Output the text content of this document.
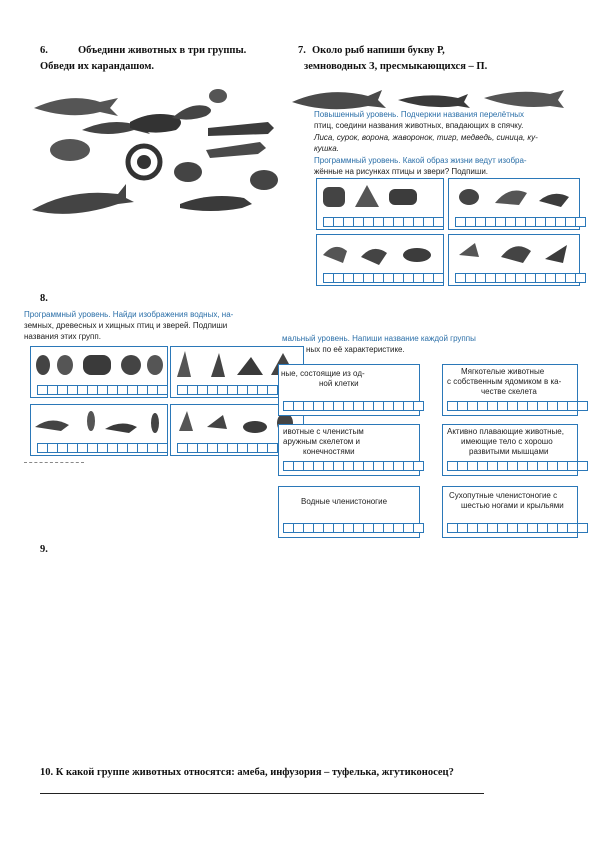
6.	Объедини животных в три группы.
Обведи их карандашом.
7. Около рыб напиши букву Р,
земноводных З, пресмыкающихся – П.
Повышенный уровень. Подчеркни названия перелётных
птиц, соедини названия животных, впадающих в спячку.
Лиса, сурок, ворона, жаворонок, тигр, медведь, синица, ку-
кушка.
Программный уровень. Какой образ жизни ведут изобра-
жённые на рисунках птицы и звери? Подпиши.
8.
Программный уровень. Найди изображения водных, на-
земных, древесных и хищных птиц и зверей. Подпиши
названия этих групп.	мальный уровень. Напиши название каждой группы
ных по её характеристике.
ные, состоящие из од-
ной клетки
Мягкотелые животные
с собственным ядомиком в ка-
честве скелета
ивотные с членистым
аружным скелетом и
конечностями
Активно плавающие животные,
имеющие тело с хорошо
развитыми мышцами
Водные членистоногие
Сухопутные членистоногие с
шестью ногами и крыльями
9.
10. К какой группе животных относятся: амеба, инфузория – туфелька, жгутиконосец?
